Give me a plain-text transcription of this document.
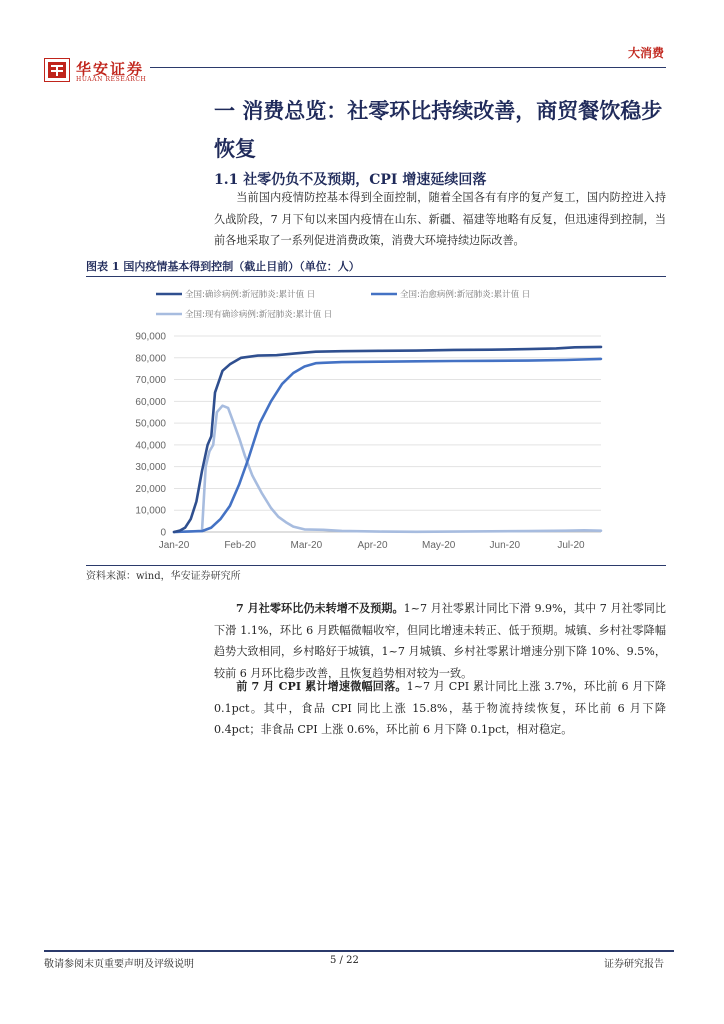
华安证券
HUAAN RESEARCH
大消费
一 消费总览：社零环比持续改善，商贸餐饮稳步恢复
1.1 社零仍负不及预期，CPI 增速延续回落
当前国内疫情防控基本得到全面控制，随着全国各有有序的复产复工，国内防控进入持久战阶段，7 月下旬以来国内疫情在山东、新疆、福建等地略有反复，但迅速得到控制，当前各地采取了一系列促进消费政策，消费大环境持续边际改善。
图表 1 国内疫情基本得到控制（截止目前）（单位：人）
全国:确诊病例:新冠肺炎:累计值 日	全国:治愈病例:新冠肺炎:累计值 日
全国:现有确诊病例:新冠肺炎:累计值 日
0
10,000
20,000
30,000
40,000
50,000
60,000
70,000
80,000
90,000
Jan-20	Feb-20	Mar-20	Apr-20	May-20	Jun-20	Jul-20
资料来源：wind，华安证券研究所
7 月社零环比仍未转增不及预期。1~7 月社零累计同比下滑 9.9%，其中 7 月社零同比下滑 1.1%，环比 6 月跌幅微幅收窄，但同比增速未转正、低于预期。城镇、乡村社零降幅趋势大致相同，乡村略好于城镇，1~7 月城镇、乡村社零累计增速分别下降 10%、9.5%，较前 6 月环比稳步改善，且恢复趋势相对较为一致。
前 7 月 CPI 累计增速微幅回落。1~7 月 CPI 累计同比上涨 3.7%，环比前 6 月下降 0.1pct。其中，食品 CPI 同比上涨 15.8%，基于物流持续恢复，环比前 6 月下降 0.4pct；非食品 CPI 上涨 0.6%，环比前 6 月下降 0.1pct，相对稳定。
敬请参阅末页重要声明及评级说明	5 / 22	证券研究报告
